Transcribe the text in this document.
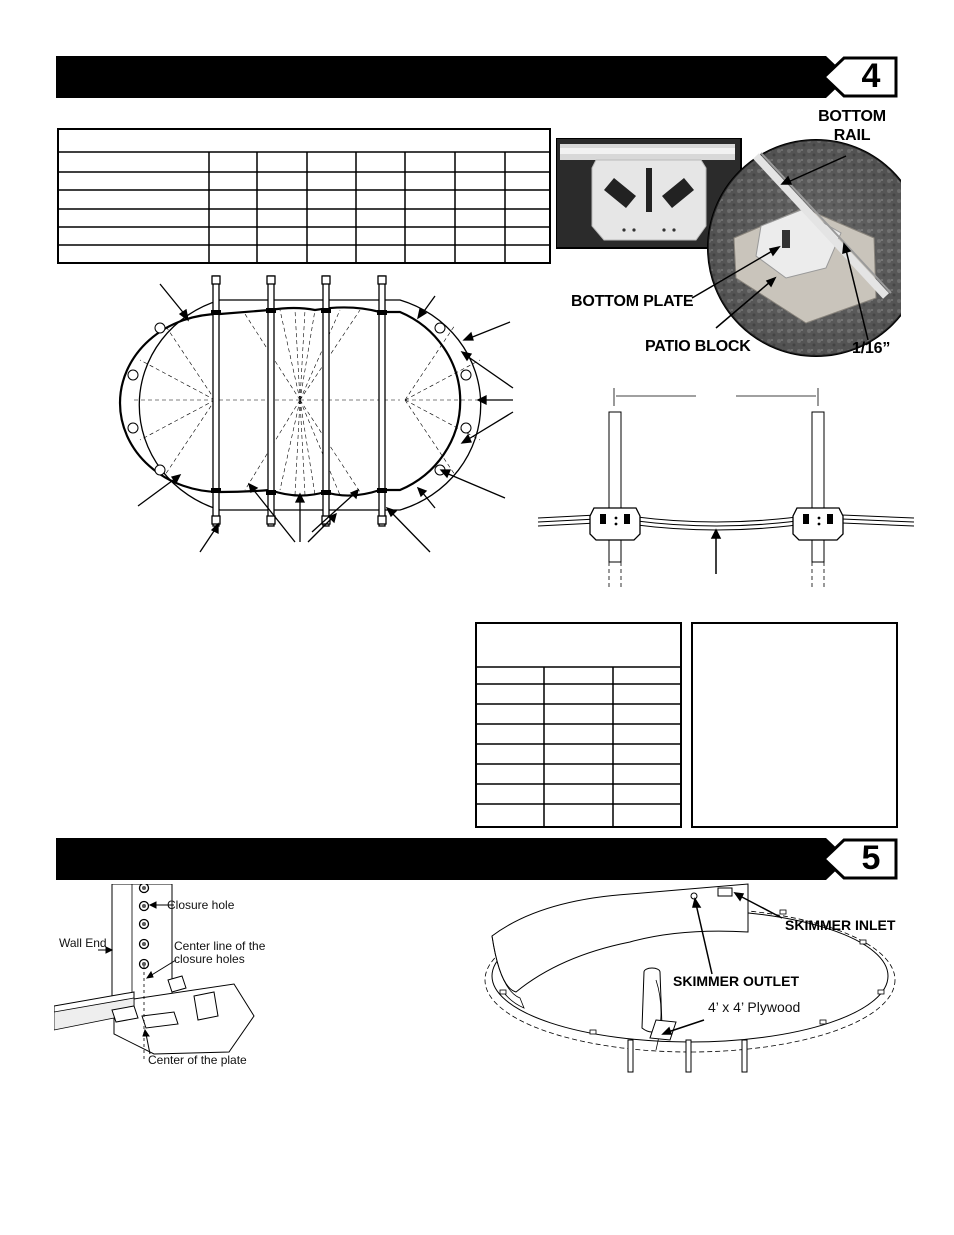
4
BOTTOM RAIL
BOTTOM PLATE
PATIO BLOCK	1/16”
5
Closure hole
Wall End	Center line of the closure holes
Center of the plate
SKIMMER INLET
SKIMMER OUTLET
4’ x 4’ Plywood
